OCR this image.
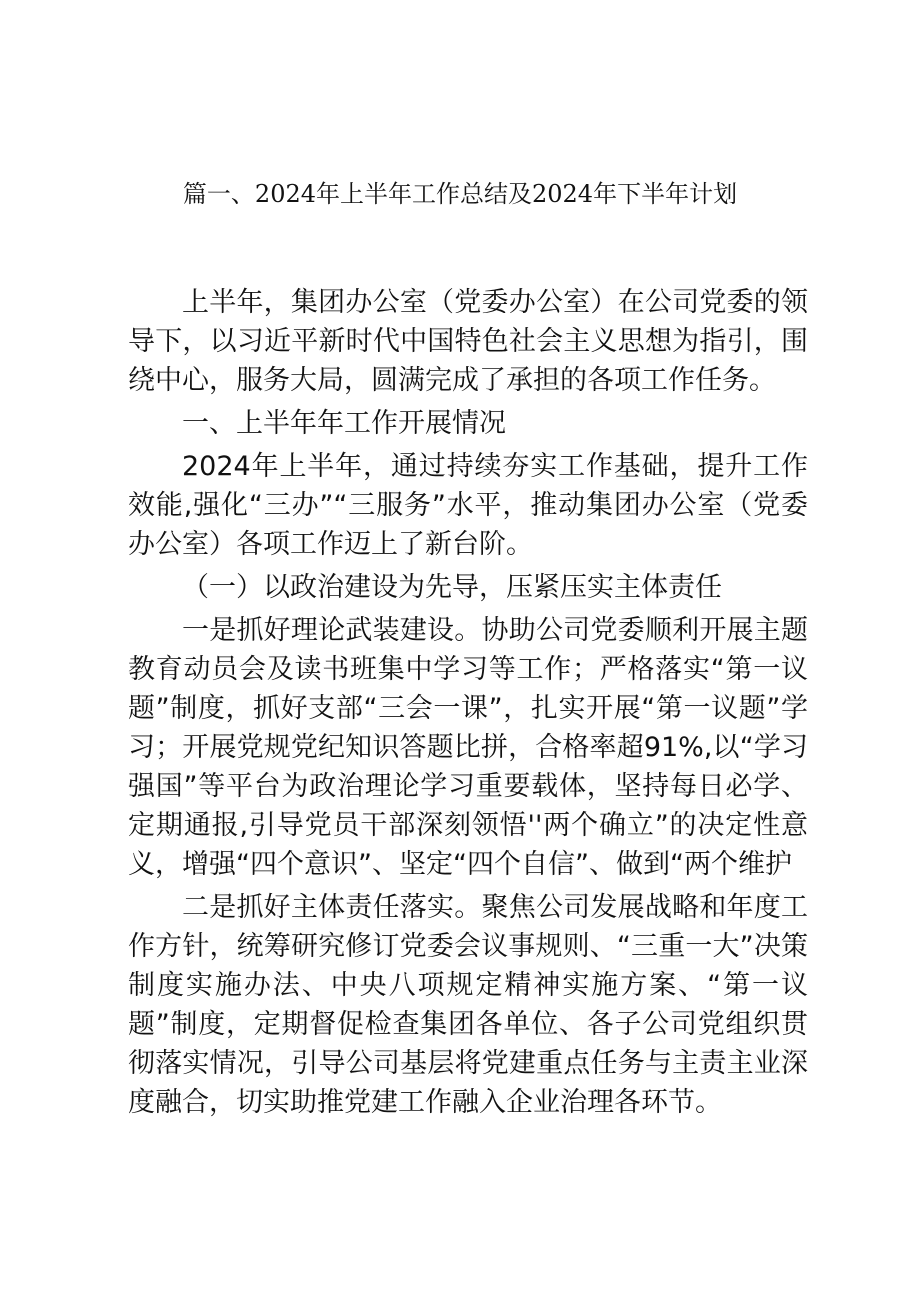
篇一、2024年上半年工作总结及2024年下半年计划

上半年，集团办公室（党委办公室）在公司党委的领导下，以习近平新时代中国特色社会主义思想为指引，围绕中心，服务大局，圆满完成了承担的各项工作任务。

一、上半年年工作开展情况

2024年上半年，通过持续夯实工作基础，提升工作效能,强化“三办”“三服务”水平，推动集团办公室（党委办公室）各项工作迈上了新台阶。

（一）以政治建设为先导，压紧压实主体责任

一是抓好理论武装建设。协助公司党委顺利开展主题教育动员会及读书班集中学习等工作；严格落实“第一议题”制度，抓好支部“三会一课”，扎实开展“第一议题”学习；开展党规党纪知识答题比拼，合格率超91%,以“学习强国”等平台为政治理论学习重要载体，坚持每日必学、定期通报,引导党员干部深刻领悟''两个确立”的决定性意义，增强“四个意识”、坚定“四个自信”、做到“两个维护

二是抓好主体责任落实。聚焦公司发展战略和年度工作方针，统筹研究修订党委会议事规则、“三重一大”决策制度实施办法、中央八项规定精神实施方案、“第一议题”制度，定期督促检查集团各单位、各子公司党组织贯彻落实情况，引导公司基层将党建重点任务与主责主业深度融合，切实助推党建工作融入企业治理各环节。
